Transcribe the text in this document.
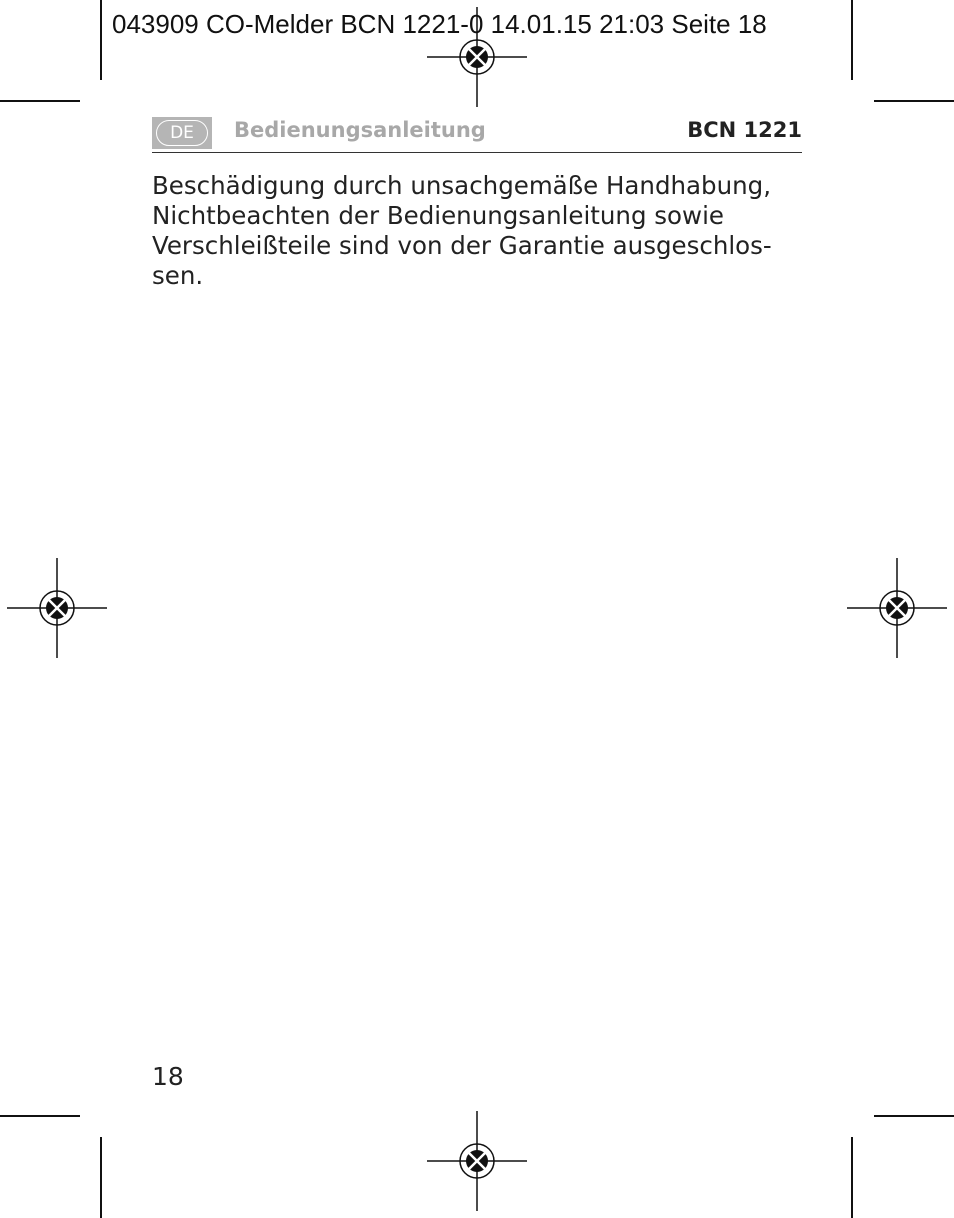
043909 CO-Melder BCN 1221-0 14.01.15 21:03 Seite 18
DE	Bedienungsanleitung	BCN 1221
Beschädigung durch unsachgemäße Handhabung,
Nichtbeachten der Bedienungsanleitung sowie
Verschleißteile sind von der Garantie ausgeschlos-
sen.
18
